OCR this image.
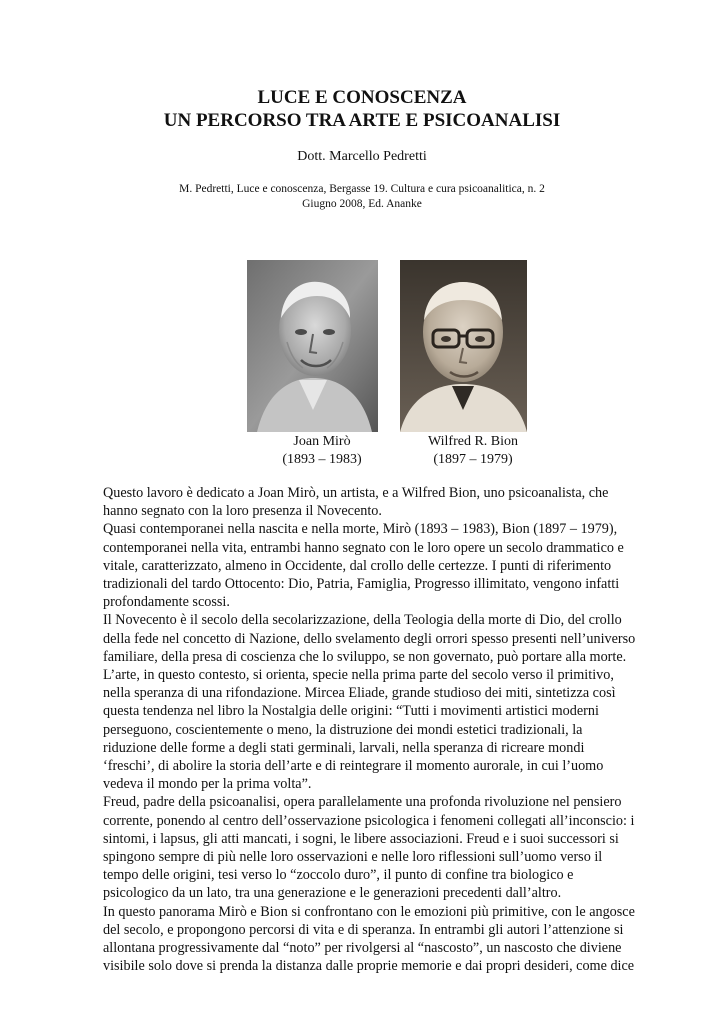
LUCE E CONOSCENZA
UN PERCORSO TRA ARTE E PSICOANALISI

Dott. Marcello Pedretti

M. Pedretti, Luce e conoscenza, Bergasse 19. Cultura e cura psicoanalitica, n. 2

Giugno 2008, Ed. Ananke

Joan Mirò
(1893 – 1983)
Wilfred R. Bion
(1897 – 1979)
Questo lavoro è dedicato a Joan Mirò, un artista, e a Wilfred Bion, uno psicoanalista, che
hanno segnato con la loro presenza il Novecento.
Quasi contemporanei nella nascita e nella morte, Mirò (1893 – 1983), Bion (1897 – 1979),
contemporanei nella vita, entrambi hanno segnato con le loro opere un secolo drammatico e
vitale, caratterizzato, almeno in Occidente, dal crollo delle certezze. I punti di riferimento
tradizionali del tardo Ottocento: Dio, Patria, Famiglia, Progresso illimitato, vengono infatti
profondamente scossi.
Il Novecento è il secolo della secolarizzazione, della Teologia della morte di Dio, del crollo
della fede nel concetto di Nazione, dello svelamento degli orrori spesso presenti nell’universo
familiare, della presa di coscienza che lo sviluppo, se non governato, può portare alla morte.
L’arte, in questo contesto, si orienta, specie nella prima parte del secolo verso il primitivo,
nella speranza di una rifondazione. Mircea Eliade, grande studioso dei miti, sintetizza così
questa tendenza nel libro la Nostalgia delle origini: “Tutti i movimenti artistici moderni
perseguono, coscientemente o meno, la distruzione dei mondi estetici tradizionali, la
riduzione delle forme a degli stati germinali, larvali, nella speranza di ricreare mondi
‘freschi’, di abolire la storia dell’arte e di reintegrare il momento aurorale, in cui l’uomo
vedeva il mondo per la prima volta”.
Freud, padre della psicoanalisi, opera parallelamente una profonda rivoluzione nel pensiero
corrente, ponendo al centro dell’osservazione psicologica i fenomeni collegati all’inconscio: i
sintomi, i lapsus, gli atti mancati, i sogni, le libere associazioni. Freud e i suoi successori si
spingono sempre di più nelle loro osservazioni e nelle loro riflessioni sull’uomo verso il
tempo delle origini, tesi verso lo “zoccolo duro”, il punto di confine tra biologico e
psicologico da un lato, tra una generazione e le generazioni precedenti dall’altro.
In questo panorama Mirò e Bion si confrontano con le emozioni più primitive, con le angosce
del secolo, e propongono percorsi di vita e di speranza. In entrambi gli autori l’attenzione si
allontana progressivamente dal “noto” per rivolgersi al “nascosto”, un nascosto che diviene
visibile solo dove si prenda la distanza dalle proprie memorie e dai propri desideri, come dice
